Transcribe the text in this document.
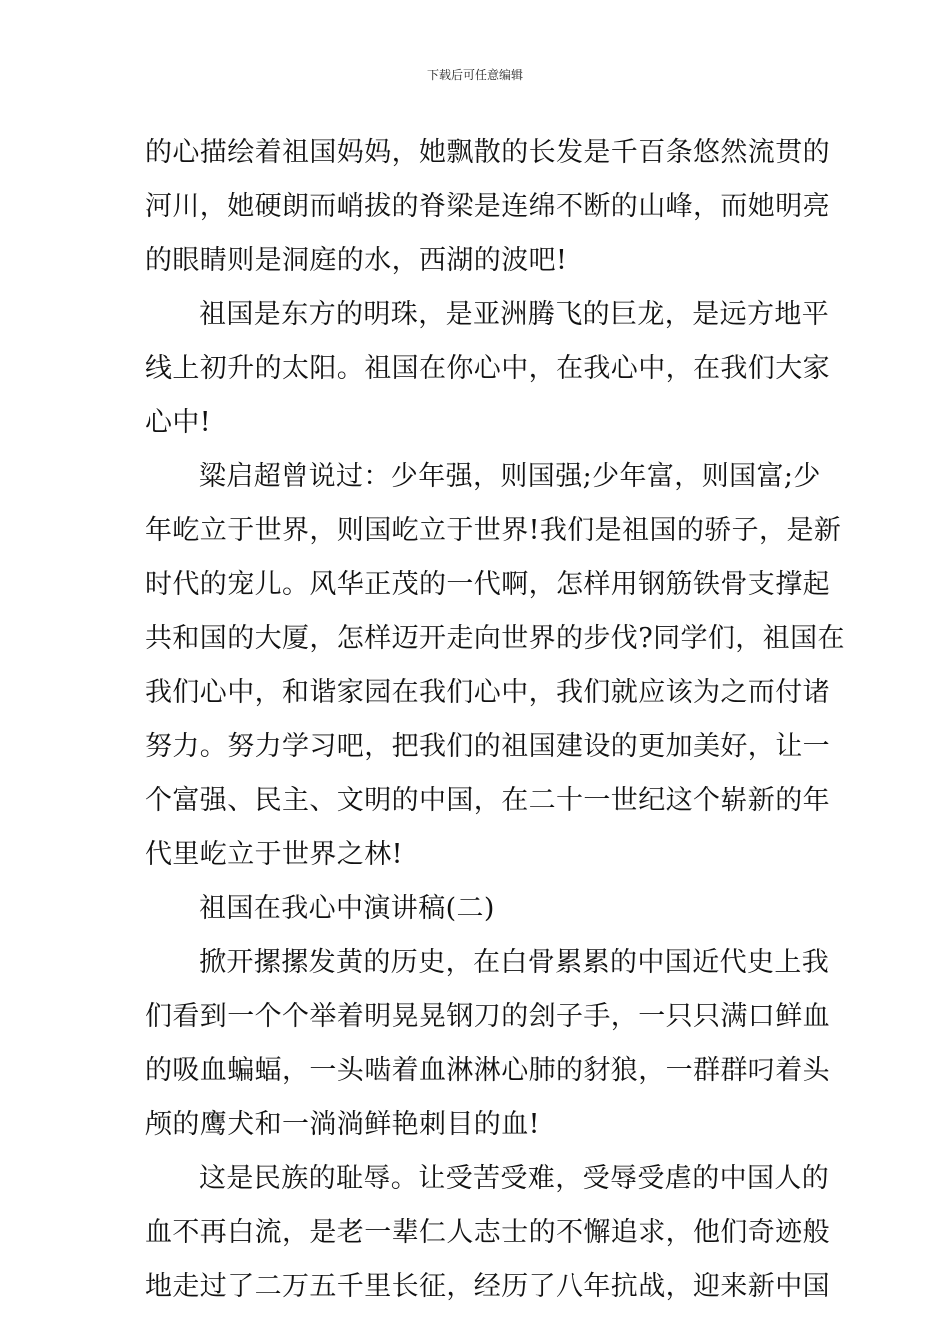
下载后可任意编辑
的心描绘着祖国妈妈，她飘散的长发是千百条悠然流贯的
河川，她硬朗而峭拔的脊梁是连绵不断的山峰，而她明亮
的眼睛则是洞庭的水，西湖的波吧!
祖国是东方的明珠，是亚洲腾飞的巨龙，是远方地平
线上初升的太阳。祖国在你心中，在我心中，在我们大家
心中!
粱启超曾说过：少年强，则国强;少年富，则国富;少
年屹立于世界，则国屹立于世界!我们是祖国的骄子，是新
时代的宠儿。风华正茂的一代啊，怎样用钢筋铁骨支撑起
共和国的大厦，怎样迈开走向世界的步伐?同学们，祖国在
我们心中，和谐家园在我们心中，我们就应该为之而付诸
努力。努力学习吧，把我们的祖国建设的更加美好，让一
个富强、民主、文明的中国，在二十一世纪这个崭新的年
代里屹立于世界之林!
祖国在我心中演讲稿(二)
掀开摞摞发黄的历史，在白骨累累的中国近代史上我
们看到一个个举着明晃晃钢刀的刽子手，一只只满口鲜血
的吸血蝙蝠，一头啮着血淋淋心肺的豺狼，一群群叼着头
颅的鹰犬和一淌淌鲜艳刺目的血!
这是民族的耻辱。让受苦受难，受辱受虐的中国人的
血不再白流，是老一辈仁人志士的不懈追求，他们奇迹般
地走过了二万五千里长征，经历了八年抗战，迎来新中国
